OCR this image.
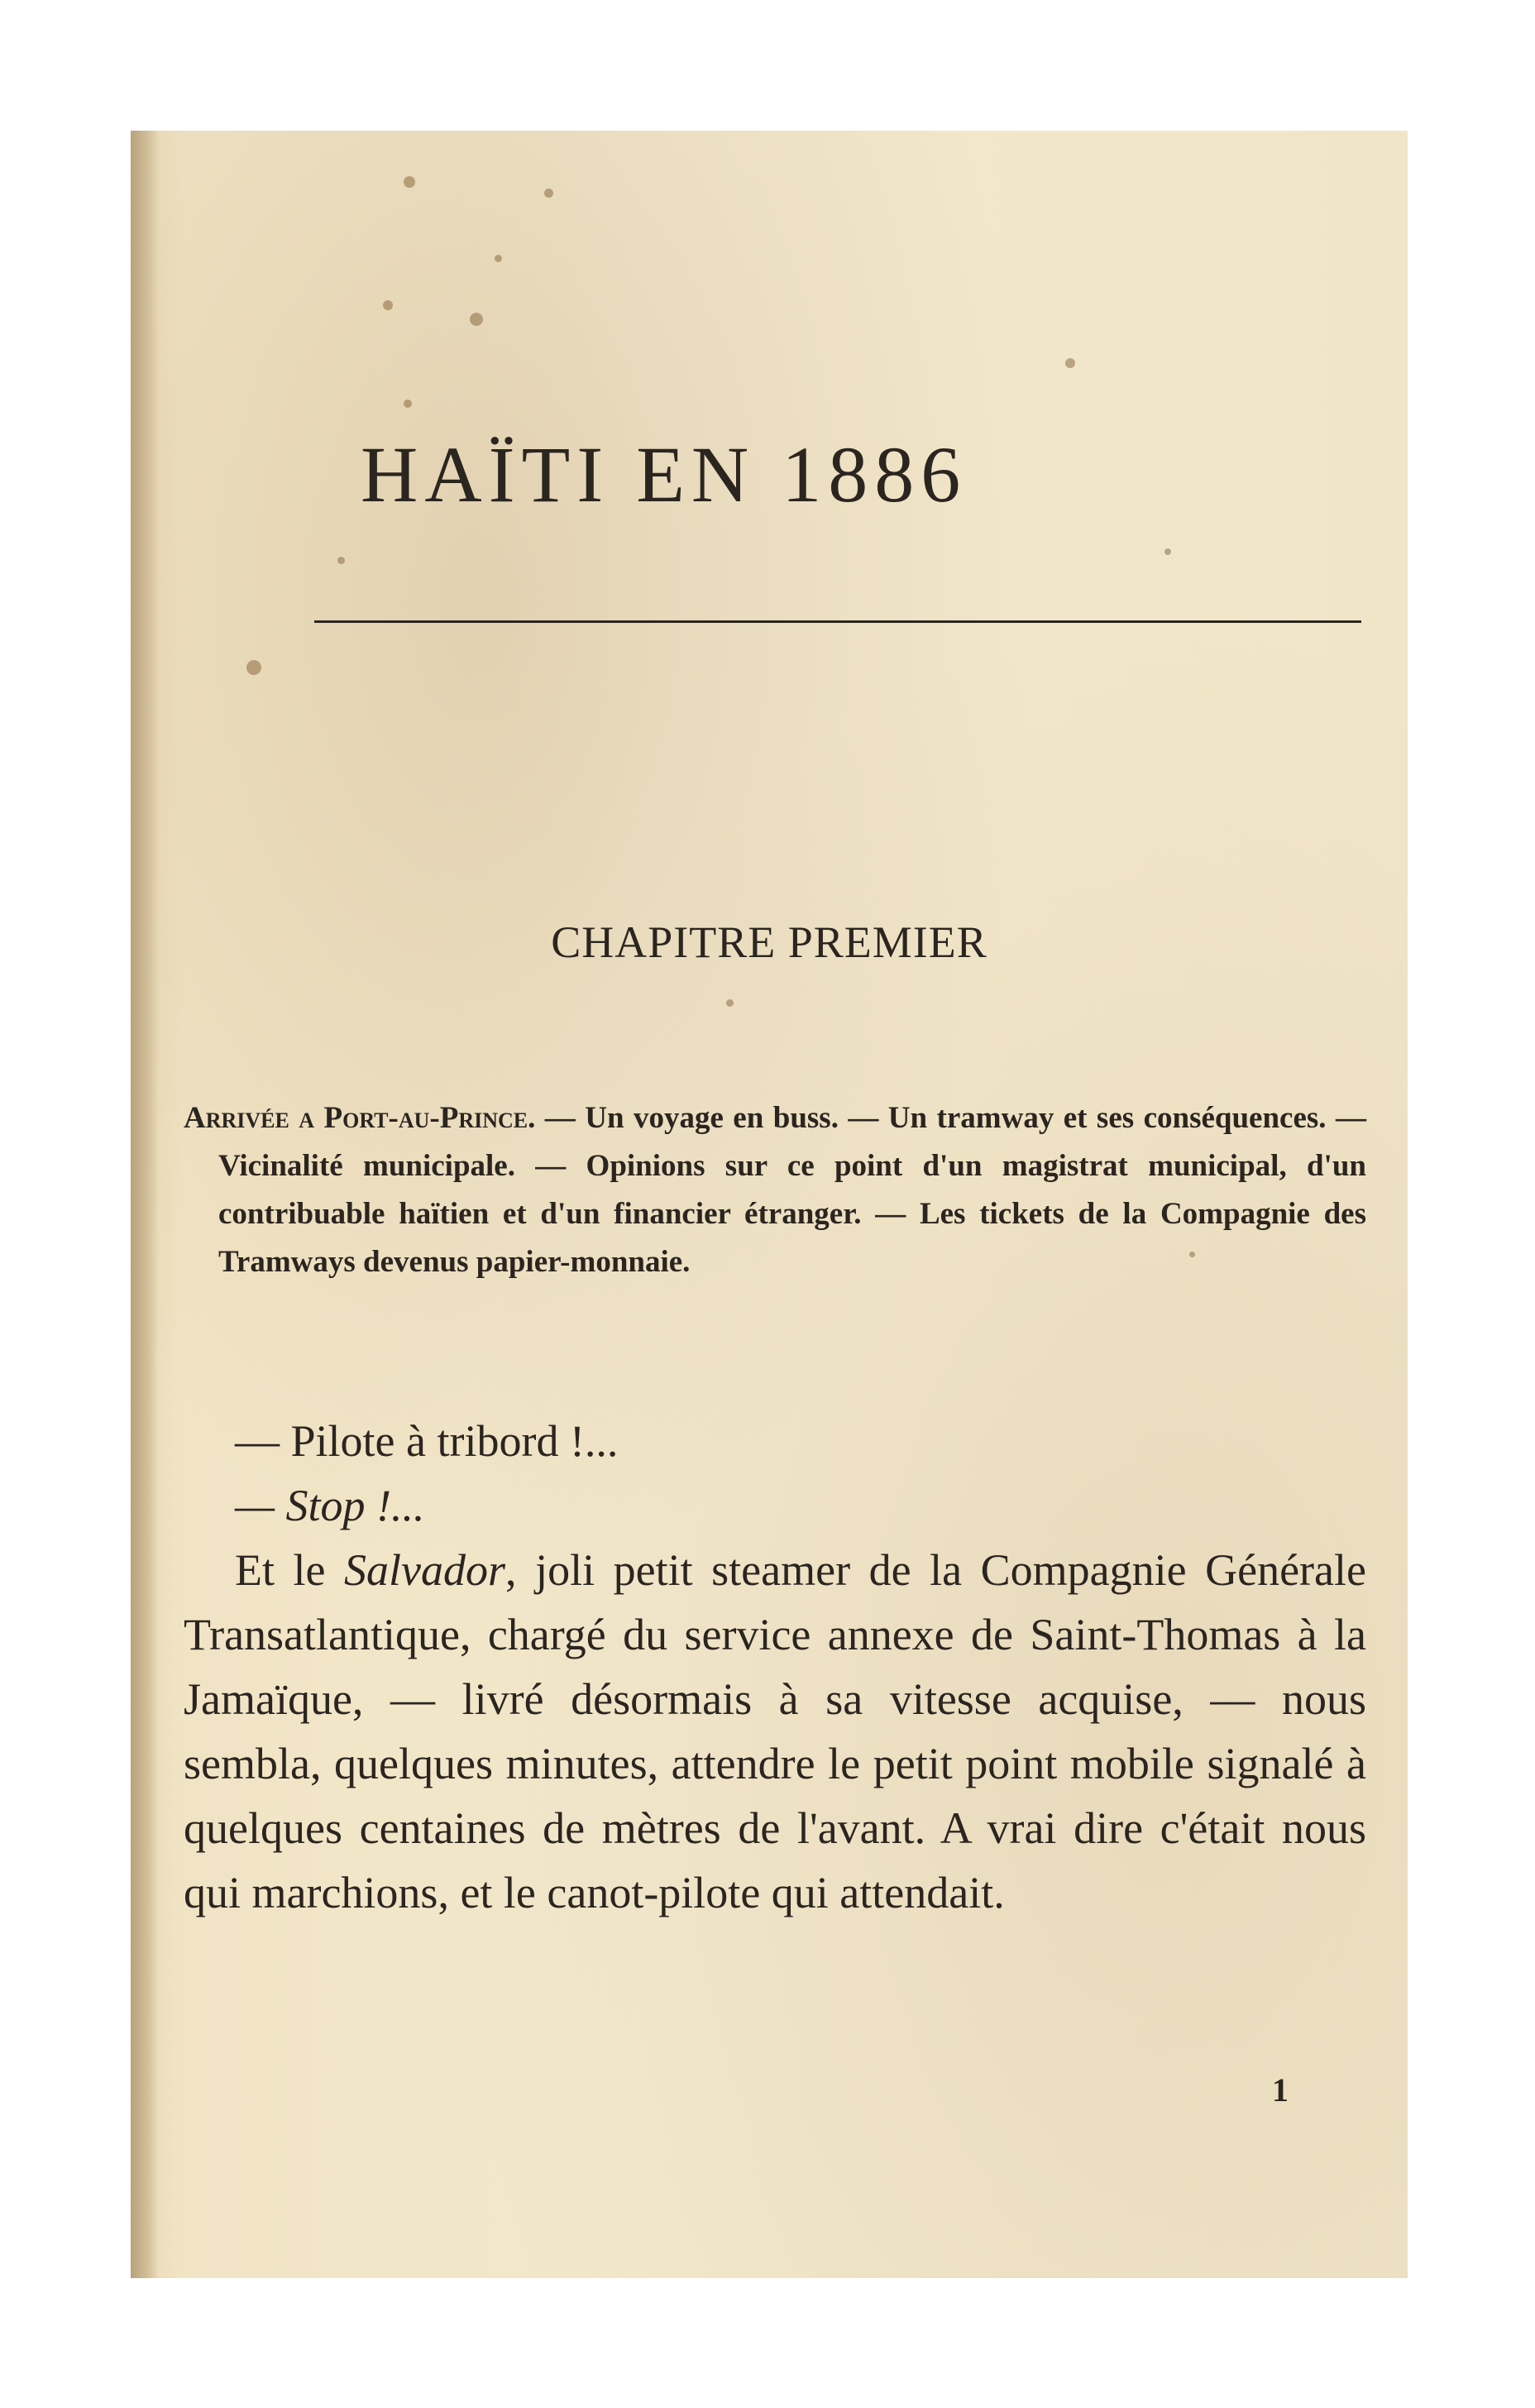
HAÏTI EN 1886
CHAPITRE PREMIER

Arrivée a Port-au-Prince. — Un voyage en buss. — Un tramway et ses conséquences. — Vicinalité municipale. — Opinions sur ce point d'un magistrat municipal, d'un contribuable haïtien et d'un financier étranger. — Les tickets de la Compagnie des Tramways devenus papier-monnaie.

— Pilote à tribord !...

— Stop !...

Et le Salvador, joli petit steamer de la Compagnie Générale Transatlantique, chargé du service annexe de Saint-Thomas à la Jamaïque, — livré désormais à sa vitesse acquise, — nous sembla, quelques minutes, attendre le petit point mobile signalé à quelques centaines de mètres de l'avant. A vrai dire c'était nous qui marchions, et le canot-pilote qui attendait.

1
